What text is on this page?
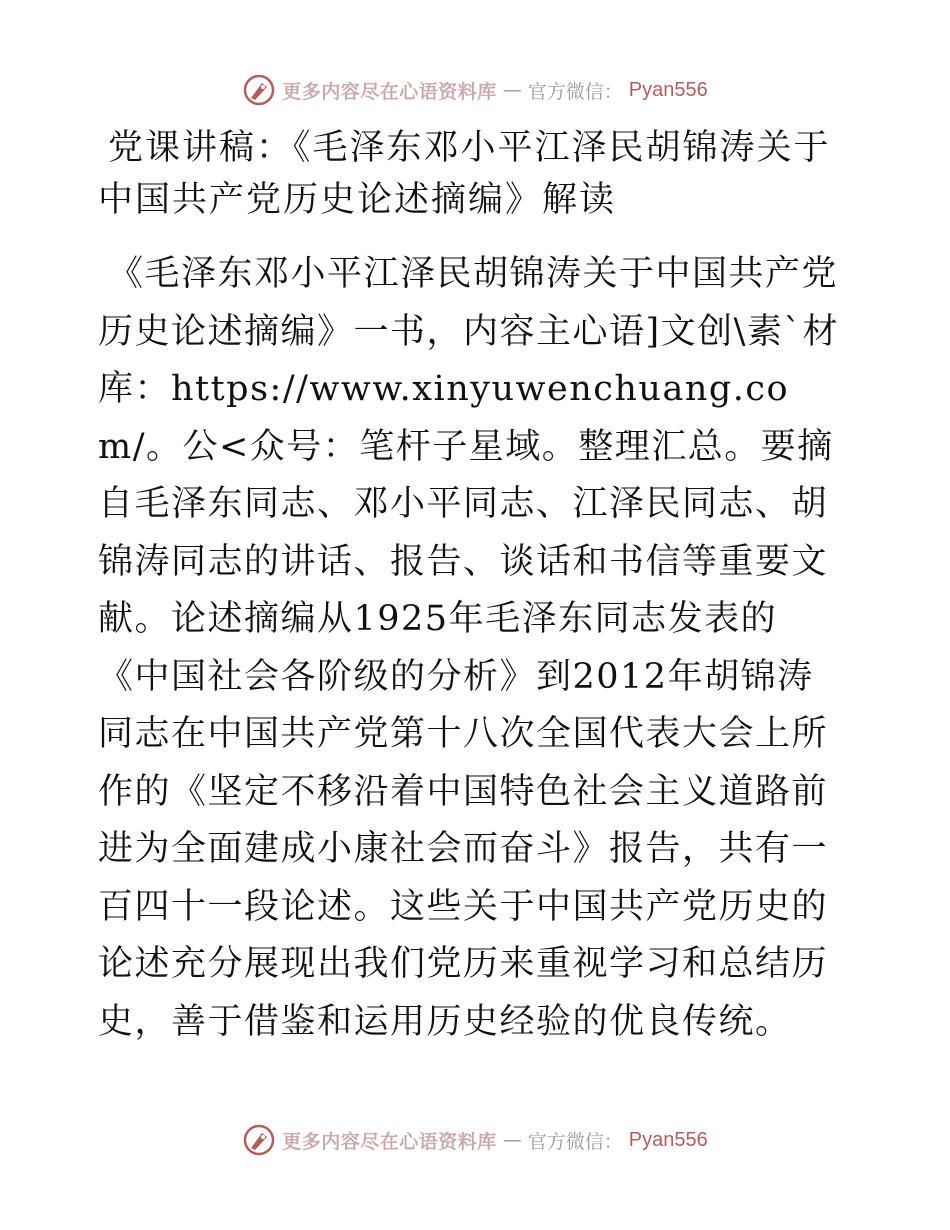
更多内容尽在心语资料库 — 官方微信： Pyan556
党课讲稿：《毛泽东邓小平江泽民胡锦涛关于中国共产党历史论述摘编》解读

《毛泽东邓小平江泽民胡锦涛关于中国共产党历史论述摘编》一书，内容主心语]文创\素`材库：https://www.xinyuwenchuang.com/。公<众号：笔杆子星域。整理汇总。要摘自毛泽东同志、邓小平同志、江泽民同志、胡锦涛同志的讲话、报告、谈话和书信等重要文献。论述摘编从1925年毛泽东同志发表的《中国社会各阶级的分析》到2012年胡锦涛同志在中国共产党第十八次全国代表大会上所作的《坚定不移沿着中国特色社会主义道路前进为全面建成小康社会而奋斗》报告，共有一百四十一段论述。这些关于中国共产党历史的论述充分展现出我们党历来重视学习和总结历史，善于借鉴和运用历史经验的优良传统。

更多内容尽在心语资料库 — 官方微信： Pyan556
